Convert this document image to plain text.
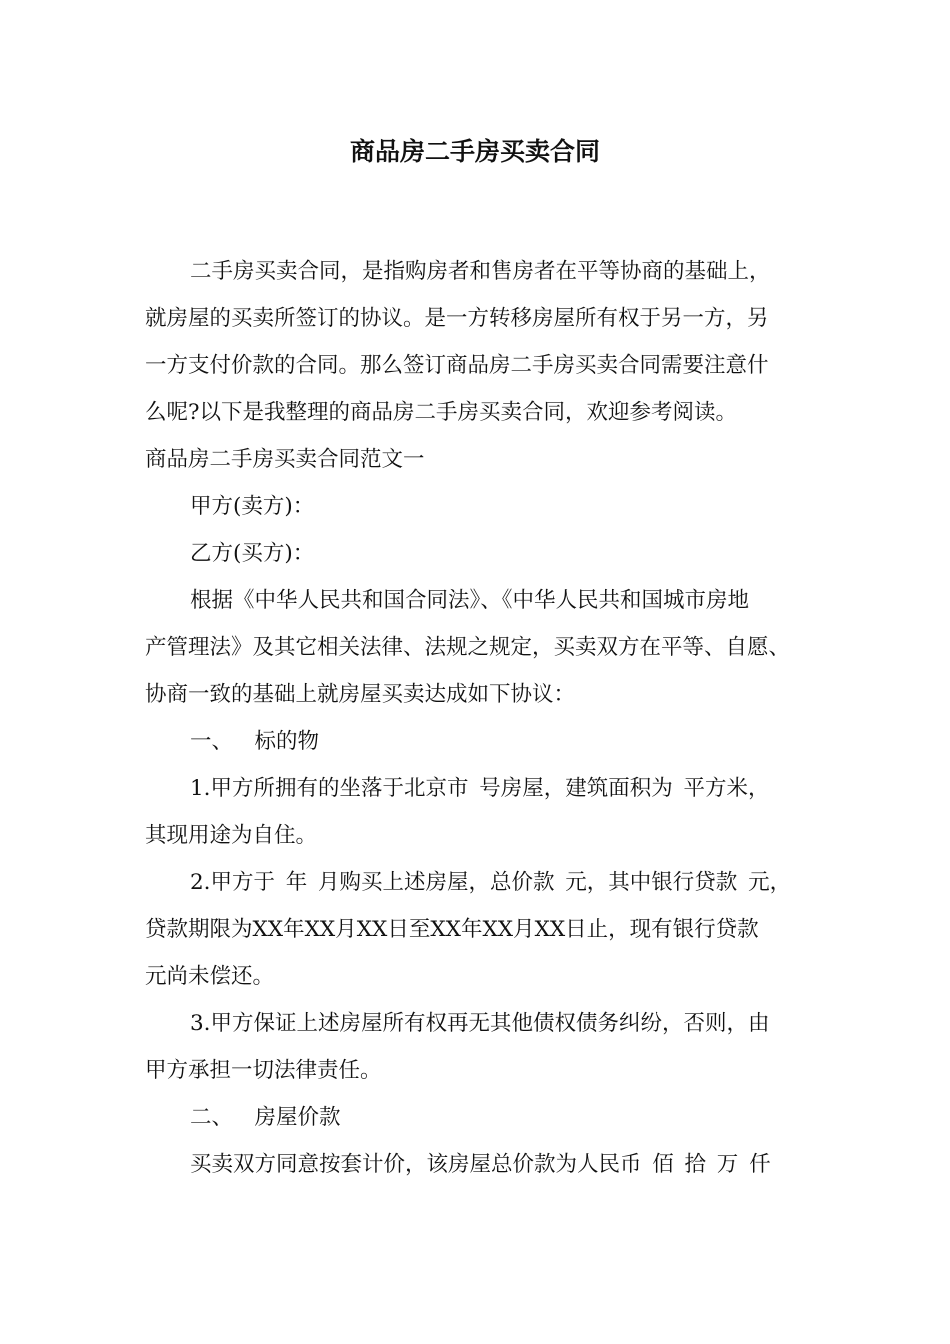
商品房二手房买卖合同
二手房买卖合同，是指购房者和售房者在平等协商的基础上，
就房屋的买卖所签订的协议。是一方转移房屋所有权于另一方，另
一方支付价款的合同。那么签订商品房二手房买卖合同需要注意什
么呢?以下是我整理的商品房二手房买卖合同，欢迎参考阅读。
商品房二手房买卖合同范文一
甲方(卖方)：
乙方(买方)：
根据《中华人民共和国合同法》、《中华人民共和国城市房地
产管理法》及其它相关法律、法规之规定，买卖双方在平等、自愿、
协商一致的基础上就房屋买卖达成如下协议：
一、 标的物
1.甲方所拥有的坐落于北京市 号房屋，建筑面积为 平方米，
其现用途为自住。
2.甲方于 年 月购买上述房屋，总价款 元，其中银行贷款 元，
贷款期限为XX年XX月XX日至XX年XX月XX日止，现有银行贷款
元尚未偿还。
3.甲方保证上述房屋所有权再无其他债权债务纠纷，否则，由
甲方承担一切法律责任。
二、 房屋价款
买卖双方同意按套计价，该房屋总价款为人民币 佰 拾 万 仟
